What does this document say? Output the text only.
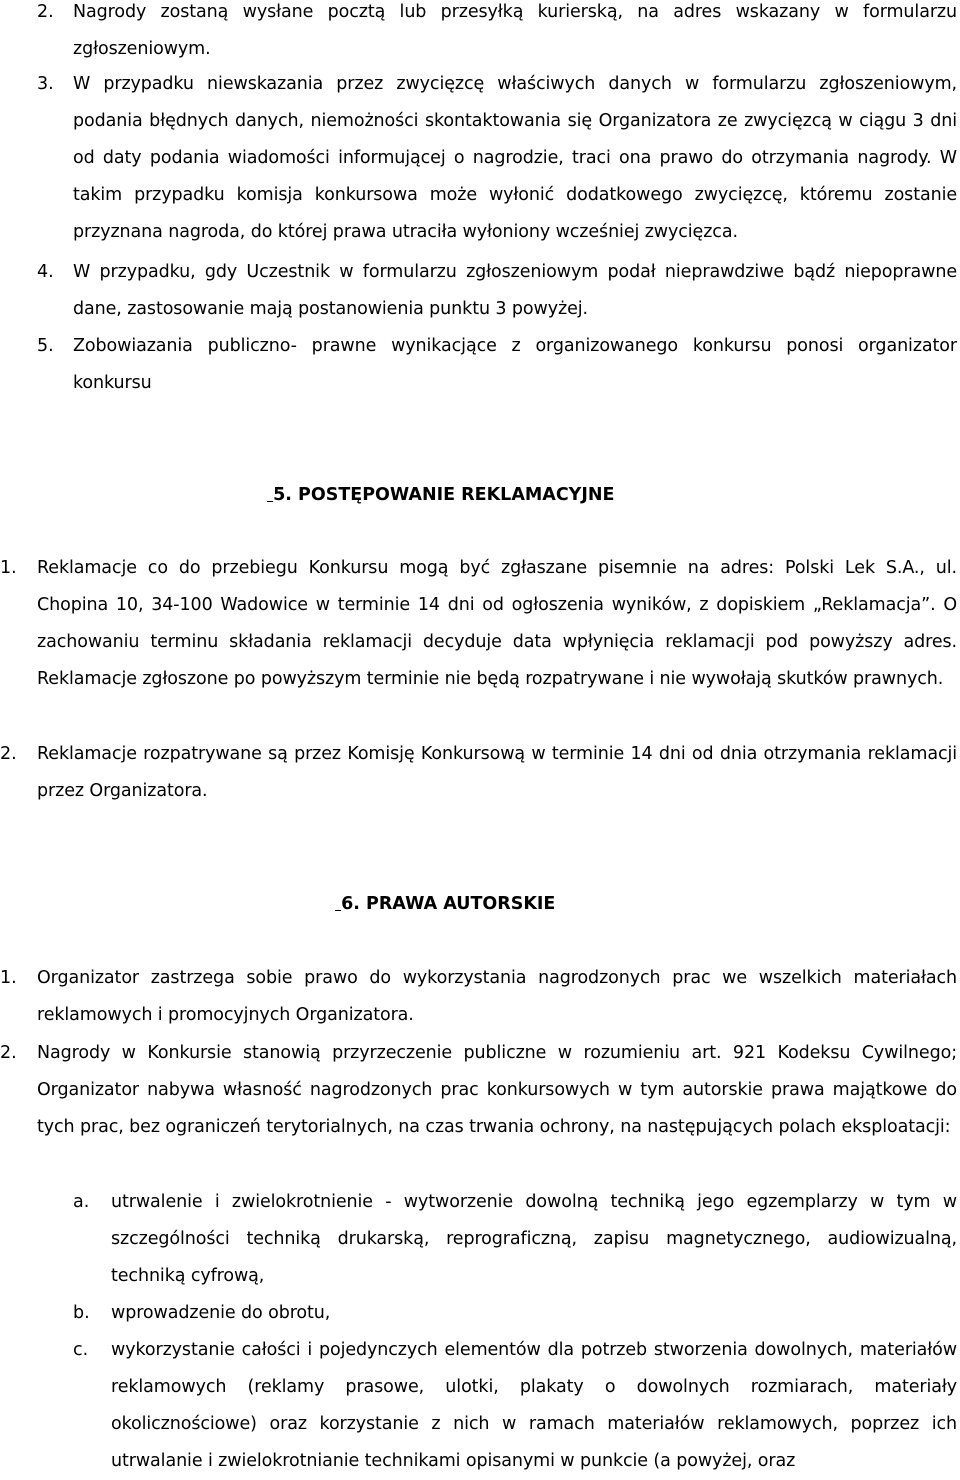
2. Nagrody zostaną wysłane pocztą lub przesyłką kurierską, na adres wskazany w formularzu zgłoszeniowym.
3. W przypadku niewskazania przez zwycięzcę właściwych danych w formularzu zgłoszeniowym, podania błędnych danych, niemożności skontaktowania się Organizatora ze zwycięzcą w ciągu 3 dni od daty podania wiadomości informującej o nagrodzie, traci ona prawo do otrzymania nagrody. W takim przypadku komisja konkursowa może wyłonić dodatkowego zwycięzcę, któremu zostanie przyznana nagroda, do której prawa utraciła wyłoniony wcześniej zwycięzca.
4. W przypadku, gdy Uczestnik w formularzu zgłoszeniowym podał nieprawdziwe bądź niepoprawne dane, zastosowanie mają postanowienia punktu 3 powyżej.
5. Zobowiazania publiczno- prawne wynikacjące z organizowanego konkursu ponosi organizator konkursu
5. POSTĘPOWANIE REKLAMACYJNE
1. Reklamacje co do przebiegu Konkursu mogą być zgłaszane pisemnie na adres: Polski Lek S.A., ul. Chopina 10, 34-100 Wadowice w terminie 14 dni od ogłoszenia wyników, z dopiskiem „Reklamacja”. O zachowaniu terminu składania reklamacji decyduje data wpłynięcia reklamacji pod powyższy adres. Reklamacje zgłoszone po powyższym terminie nie będą rozpatrywane i nie wywołają skutków prawnych.
2. Reklamacje rozpatrywane są przez Komisję Konkursową w terminie 14 dni od dnia otrzymania reklamacji przez Organizatora.
6. PRAWA AUTORSKIE
1. Organizator zastrzega sobie prawo do wykorzystania nagrodzonych prac we wszelkich materiałach reklamowych i promocyjnych Organizatora.
2. Nagrody w Konkursie stanowią przyrzeczenie publiczne w rozumieniu art. 921 Kodeksu Cywilnego; Organizator nabywa własność nagrodzonych prac konkursowych w tym autorskie prawa majątkowe do tych prac, bez ograniczeń terytorialnych, na czas trwania ochrony, na następujących polach eksploatacji:
a. utrwalenie i zwielokrotnienie - wytworzenie dowolną techniką jego egzemplarzy w tym w szczególności techniką drukarską, reprograficzną, zapisu magnetycznego, audiowizualną, techniką cyfrową,
b. wprowadzenie do obrotu,
c. wykorzystanie całości i pojedynczych elementów dla potrzeb stworzenia dowolnych, materiałów reklamowych (reklamy prasowe, ulotki, plakaty o dowolnych rozmiarach, materiały okolicznościowe) oraz korzystanie z nich w ramach materiałów reklamowych, poprzez ich utrwalanie i zwielokrotnianie technikami opisanymi w punkcie (a powyżej, oraz
